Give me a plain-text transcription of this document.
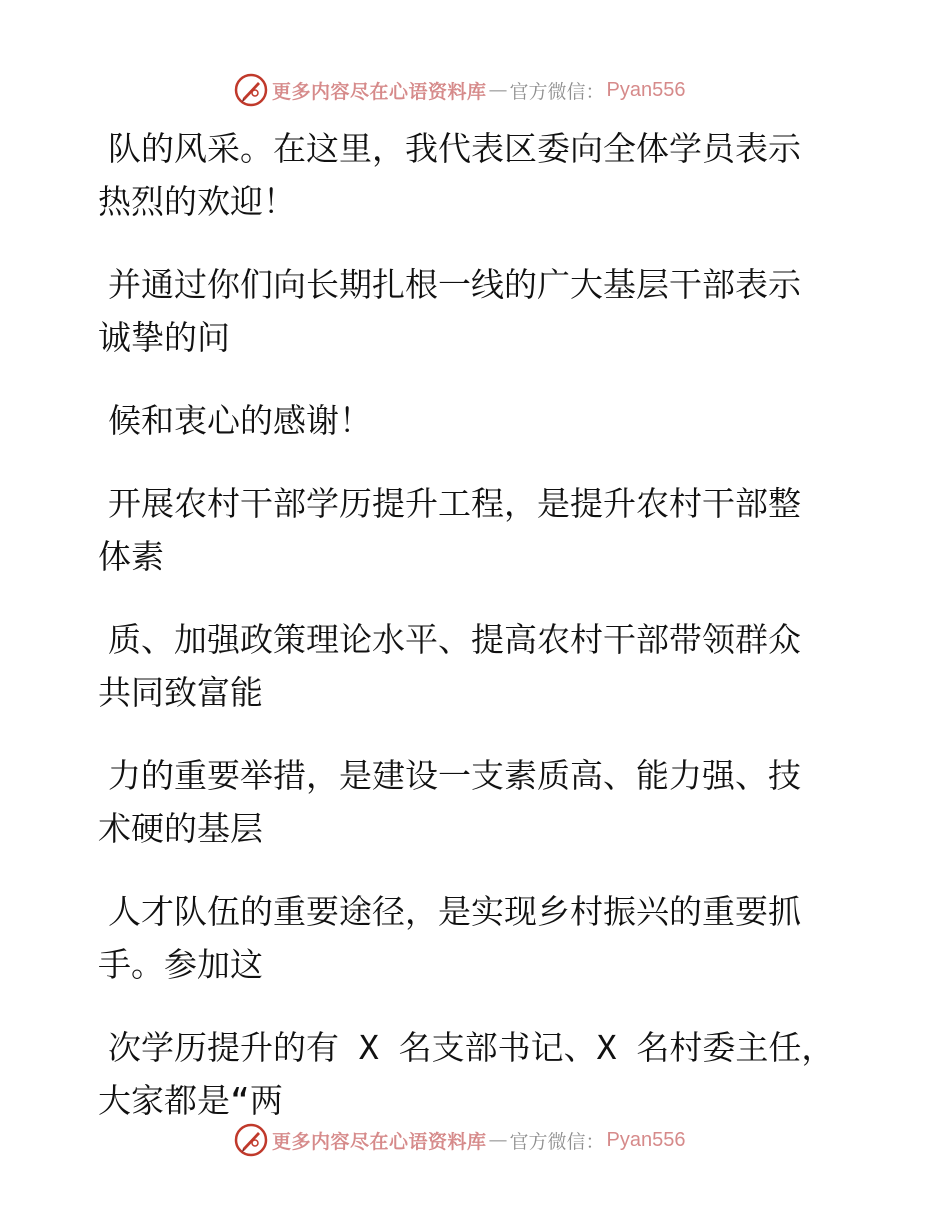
更多内容尽在心语资料库 — 官方微信： Pyan556

队的风采。在这里，我代表区委向全体学员表示
热烈的欢迎！

并通过你们向长期扎根一线的广大基层干部表示
诚挚的问

候和衷心的感谢！

开展农村干部学历提升工程，是提升农村干部整
体素

质、加强政策理论水平、提高农村干部带领群众
共同致富能

力的重要举措，是建设一支素质高、能力强、技
术硬的基层

人才队伍的重要途径，是实现乡村振兴的重要抓
手。参加这

次学历提升的有 X 名支部书记、X 名村委主任，
大家都是“两

更多内容尽在心语资料库 — 官方微信： Pyan556
